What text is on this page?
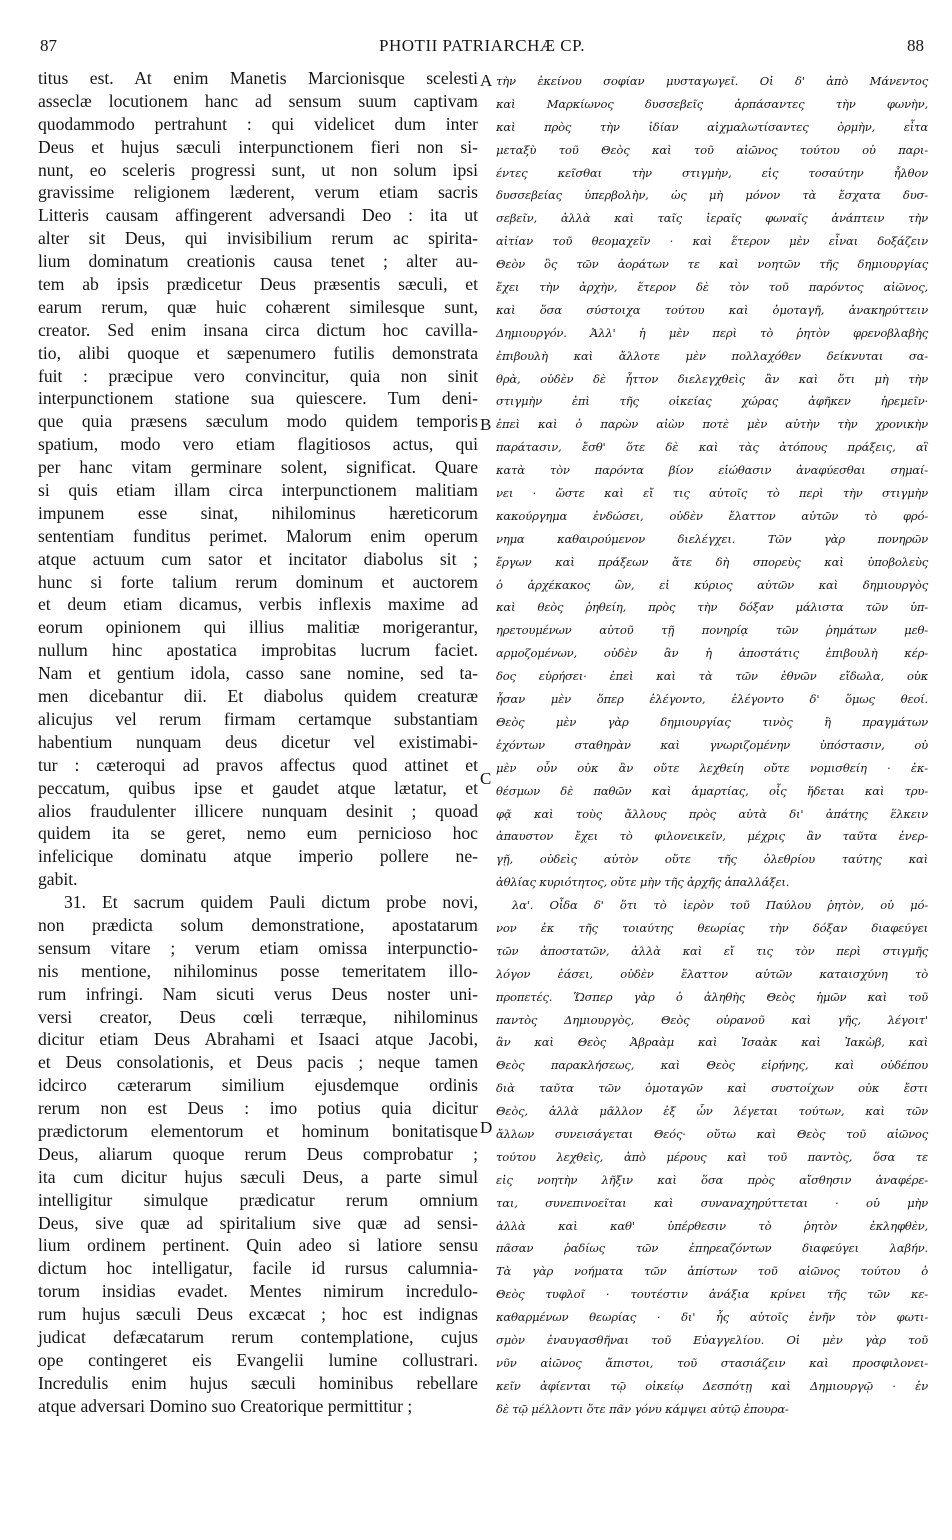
87	PHOTII PATRIARCHÆ CP.	88
titus est. At enim Manetis Marcionisque scelesti
asseclæ locutionem hanc ad sensum suum captivam
quodammodo pertrahunt : qui videlicet dum inter
Deus et hujus sæculi interpunctionem fieri non si-
nunt, eo sceleris progressi sunt, ut non solum ipsi
gravissime religionem læderent, verum etiam sacris
Litteris causam affingerent adversandi Deo : ita ut
alter sit Deus, qui invisibilium rerum ac spirita-
lium dominatum creationis causa tenet ; alter au-
tem ab ipsis prædicetur Deus præsentis sæculi, et
earum rerum, quæ huic cohærent similesque sunt,
creator. Sed enim insana circa dictum hoc cavilla-
tio, alibi quoque et sæpenumero futilis demonstrata
fuit : præcipue vero convincitur, quia non sinit
interpunctionem statione sua quiescere. Tum deni-
que quia præsens sæculum modo quidem temporis
spatium, modo vero etiam flagitiosos actus, qui
per hanc vitam germinare solent, significat. Quare
si quis etiam illam circa interpunctionem malitiam
impunem esse sinat, nihilominus hæreticorum
sententiam funditus perimet. Malorum enim operum
atque actuum cum sator et incitator diabolus sit ;
hunc si forte talium rerum dominum et auctorem
et deum etiam dicamus, verbis inflexis maxime ad
eorum opinionem qui illius malitiæ morigerantur,
nullum hinc apostatica improbitas lucrum faciet.
Nam et gentium idola, casso sane nomine, sed ta-
men dicebantur dii. Et diabolus quidem creaturæ
alicujus vel rerum firmam certamque substantiam
habentium nunquam deus dicetur vel existimabi-
tur : cæteroqui ad pravos affectus quod attinet et
peccatum, quibus ipse et gaudet atque lætatur, et
alios fraudulenter illicere nunquam desinit ; quoad
quidem ita se geret, nemo eum pernicioso hoc
infelicique dominatu atque imperio pollere ne-
gabit.
31. Et sacrum quidem Pauli dictum probe novi,
non prædicta solum demonstratione, apostatarum
sensum vitare ; verum etiam omissa interpunctio-
nis mentione, nihilominus posse temeritatem illo-
rum infringi. Nam sicuti verus Deus noster uni-
versi creator, Deus cœli terræque, nihilominus
dicitur etiam Deus Abrahami et Isaaci atque Jacobi,
et Deus consolationis, et Deus pacis ; neque tamen
idcirco cæterarum similium ejusdemque ordinis
rerum non est Deus : imo potius quia dicitur
prædictorum elementorum et hominum bonitatisque
Deus, aliarum quoque rerum Deus comprobatur ;
ita cum dicitur hujus sæculi Deus, a parte simul
intelligitur simulque prædicatur rerum omnium
Deus, sive quæ ad spiritalium sive quæ ad sensi-
lium ordinem pertinent. Quin adeo si latiore sensu
dictum hoc intelligatur, facile id rursus calumnia-
torum insidias evadet. Mentes nimirum incredulo-
rum hujus sæculi Deus excæcat ; hoc est indignas
judicat defæcatarum rerum contemplatione, cujus
ope contingeret eis Evangelii lumine collustrari.
Incredulis enim hujus sæculi hominibus rebellare
atque adversari Domino suo Creatorique permittitur ;
τὴν ἐκείνου σοφίαν μυσταγωγεῖ. Οἱ δ' ἀπὸ Μάνεντος
καὶ Μαρκίωνος δυσσεβεῖς ἁρπάσαντες τὴν φωνὴν,
καὶ πρὸς τὴν ἰδίαν αἰχμαλωτίσαντες ὁρμὴν, εἶτα
μεταξὺ τοῦ Θεὸς καὶ τοῦ αἰῶνος τούτου οὐ παρι-
έντες κεῖσθαι τὴν στιγμὴν, εἰς τοσαύτην ἦλθον
δυσσεβείας ὑπερβολὴν, ὡς μὴ μόνον τὰ ἔσχατα δυσ-
σεβεῖν, ἀλλὰ καὶ ταῖς ἱεραῖς φωναῖς ἀνάπτειν τὴν
αἰτίαν τοῦ θεομαχεῖν · καὶ ἕτερον μὲν εἶναι δοξάζειν
Θεὸν ὃς τῶν ἀοράτων τε καὶ νοητῶν τῆς δημιουργίας
ἔχει τὴν ἀρχὴν, ἕτερον δὲ τὸν τοῦ παρόντος αἰῶνος,
καὶ ὅσα σύστοιχα τούτου καὶ ὁμοταγῆ, ἀνακηρύττειν
Δημιουργόν. Ἀλλ' ἡ μὲν περὶ τὸ ῥητὸν φρενοβλαβὴς
ἐπιβουλὴ καὶ ἄλλοτε μὲν πολλαχόθεν δείκνυται σα-
θρὰ, οὐδὲν δὲ ἧττον διελεγχθεὶς ἂν καὶ ὅτι μὴ τὴν
στιγμὴν ἐπὶ τῆς οἰκείας χώρας ἀφῆκεν ἠρεμεῖν·
ἐπεὶ καὶ ὁ παρὼν αἰὼν ποτὲ μὲν αὐτὴν τὴν χρονικὴν
παράτασιν, ἔσθ' ὅτε δὲ καὶ τὰς ἀτόπους πράξεις, αἳ
κατὰ τὸν παρόντα βίον εἰώθασιν ἀναφύεσθαι σημαί-
νει · ὥστε καὶ εἴ τις αὐτοῖς τὸ περὶ τὴν στιγμὴν
κακούργημα ἐνδώσει, οὐδὲν ἔλαττον αὐτῶν τὸ φρό-
νημα καθαιρούμενον διελέγχει. Τῶν γὰρ πονηρῶν
ἔργων καὶ πράξεων ἅτε δὴ σπορεὺς καὶ ὑποβολεὺς
ὁ ἀρχέκακος ὢν, εἰ κύριος αὐτῶν καὶ δημιουργὸς
καὶ θεὸς ῥηθείη, πρὸς τὴν δόξαν μάλιστα τῶν ὑπ-
ηρετουμένων αὐτοῦ τῇ πονηρίᾳ τῶν ῥημάτων μεθ-
αρμοζομένων, οὐδὲν ἂν ἡ ἀποστάτις ἐπιβουλὴ κέρ-
δος εὑρήσει· ἐπεὶ καὶ τὰ τῶν ἐθνῶν εἴδωλα, οὐκ
ἦσαν μὲν ὅπερ ἐλέγοντο, ἐλέγοντο δ' ὅμως θεοί.
Θεὸς μὲν γὰρ δημιουργίας τινὸς ἢ πραγμάτων
ἐχόντων σταθηρὰν καὶ γνωριζομένην ὑπόστασιν, οὐ
μὲν οὖν οὐκ ἂν οὔτε λεχθείη οὔτε νομισθείη · ἐκ-
θέσμων δὲ παθῶν καὶ ἁμαρτίας, οἷς ἥδεται καὶ τρυ-
φᾷ καὶ τοὺς ἄλλους πρὸς αὐτὰ δι' ἀπάτης ἕλκειν
ἀπαυστον ἔχει τὸ φιλονεικεῖν, μέχρις ἂν ταῦτα ἐνερ-
γῇ, οὐδεὶς αὐτὸν οὔτε τῆς ὀλεθρίου ταύτης καὶ
ἀθλίας κυριότητος, οὔτε μὴν τῆς ἀρχῆς ἀπαλλάξει.
λα'. Οἶδα δ' ὅτι τὸ ἱερὸν τοῦ Παύλου ῥητὸν, οὐ μό-
νον ἐκ τῆς τοιαύτης θεωρίας τὴν δόξαν διαφεύγει
τῶν ἀποστατῶν, ἀλλὰ καὶ εἴ τις τὸν περὶ στιγμῆς
λόγον ἐάσει, οὐδὲν ἔλαττον αὐτῶν καταισχύνη τὸ
προπετές. Ὥσπερ γὰρ ὁ ἀληθὴς Θεὸς ἡμῶν καὶ τοῦ
παντὸς Δημιουργὸς, Θεὸς οὐρανοῦ καὶ γῆς, λέγοιτ'
ἂν καὶ Θεὸς Ἀβραὰμ καὶ Ἰσαὰκ καὶ Ἰακὼβ, καὶ
Θεὸς παρακλήσεως, καὶ Θεὸς εἰρήνης, καὶ οὐδέπου
διὰ ταῦτα τῶν ὁμοταγῶν καὶ συστοίχων οὐκ ἔστι
Θεὸς, ἀλλὰ μᾶλλον ἐξ ὧν λέγεται τούτων, καὶ τῶν
ἄλλων συνεισάγεται Θεός· οὕτω καὶ Θεὸς τοῦ αἰῶνος
τούτου λεχθεὶς, ἀπὸ μέρους καὶ τοῦ παντὸς, ὅσα τε
εἰς νοητὴν λῆξιν καὶ ὅσα πρὸς αἴσθησιν ἀναφέρε-
ται, συνεπινοεῖται καὶ συναναχηρύττεται · οὐ μὴν
ἀλλὰ καὶ καθ' ὑπέρθεσιν τὸ ῥητὸν ἐκληφθὲν,
πᾶσαν ῥαδίως τῶν ἐπηρεαζόντων διαφεύγει λαβήν.
Τὰ γὰρ νοήματα τῶν ἀπίστων τοῦ αἰῶνος τούτου ὁ
Θεὸς τυφλοῖ · τουτέστιν ἀνάξια κρίνει τῆς τῶν κε-
καθαρμένων θεωρίας · δι' ἧς αὐτοῖς ἐνῆν τὸν φωτι-
σμὸν ἐναυγασθῆναι τοῦ Εὐαγγελίου. Οἱ μὲν γὰρ τοῦ
νῦν αἰῶνος ἄπιστοι, τοῦ στασιάζειν καὶ προσφιλονει-
κεῖν ἀφίενται τῷ οἰκείῳ Δεσπότῃ καὶ Δημιουργῷ · ἐν
δὲ τῷ μέλλοντι ὅτε πᾶν γόνυ κάμψει αὐτῷ ἐπουρα-
A
B
C
D
